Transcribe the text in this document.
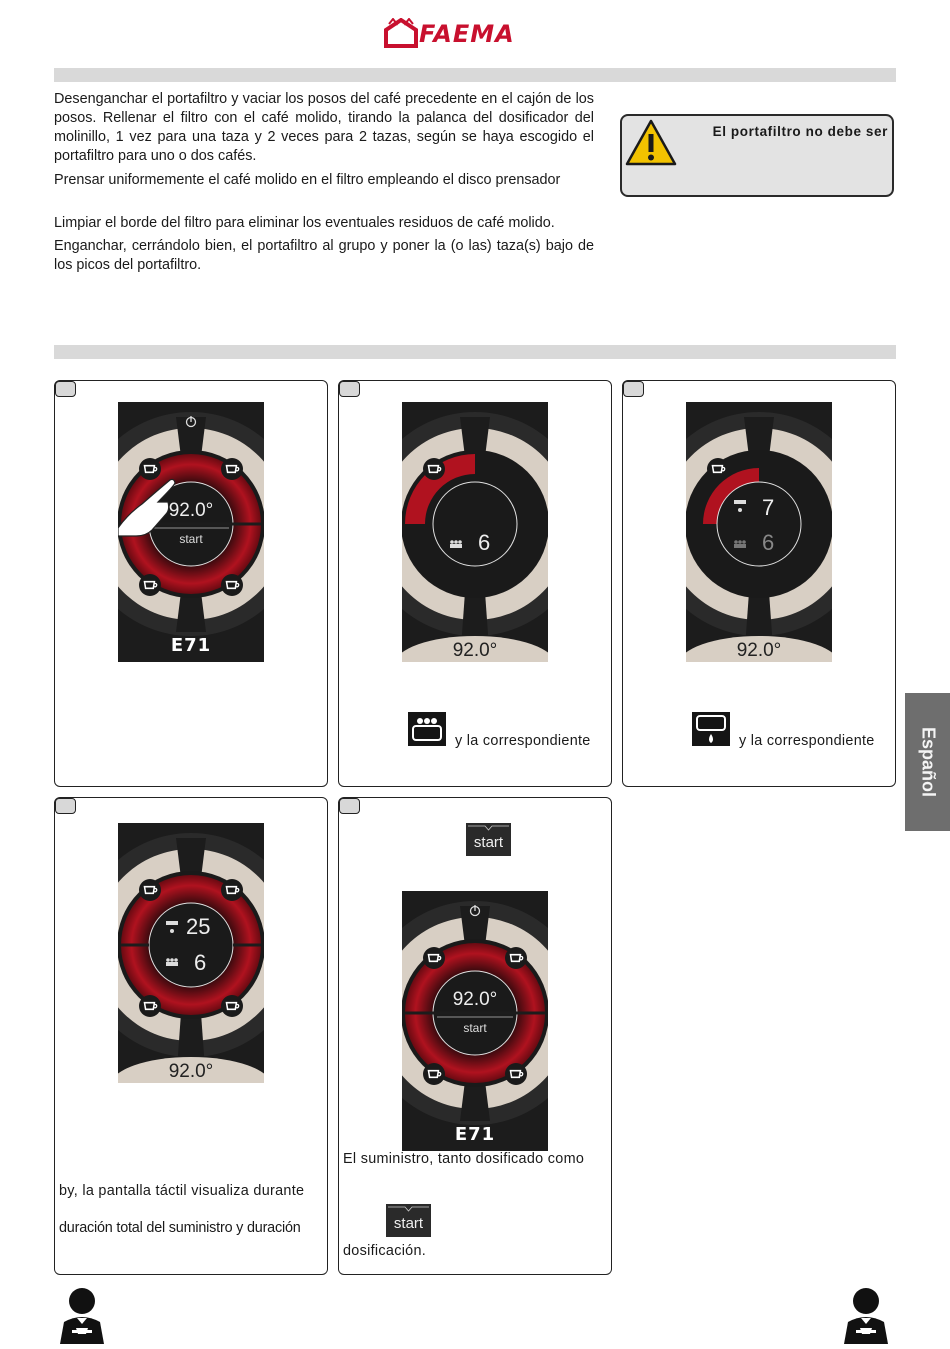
FAEMA

Desenganchar el portafiltro y vaciar los posos del café precedente en el cajón de los posos. Rellenar el filtro con el café molido, tirando la palanca del dosificador del molinillo, 1 vez para una taza y 2 veces para 2 tazas, según se haya escogido el portafiltro para uno o dos cafés.

Prensar uniformemente el café molido en el filtro empleando el disco prensador

Limpiar el borde del filtro para eliminar los eventuales residuos de café molido.

Enganchar, cerrándolo bien, el portafiltro al grupo y poner la (o las) taza(s) bajo de los picos del portafiltro.

El portafiltro no debe ser
92.0°
start
E71
6
92.0°
y la correspondiente
7
6
92.0°
y la correspondiente
25
6
92.0°
by, la pantalla táctil visualiza durante
duración total del suministro y duración
start
92.0°
start
E71
El suministro, tanto dosificado como
start
dosificación.
Español
